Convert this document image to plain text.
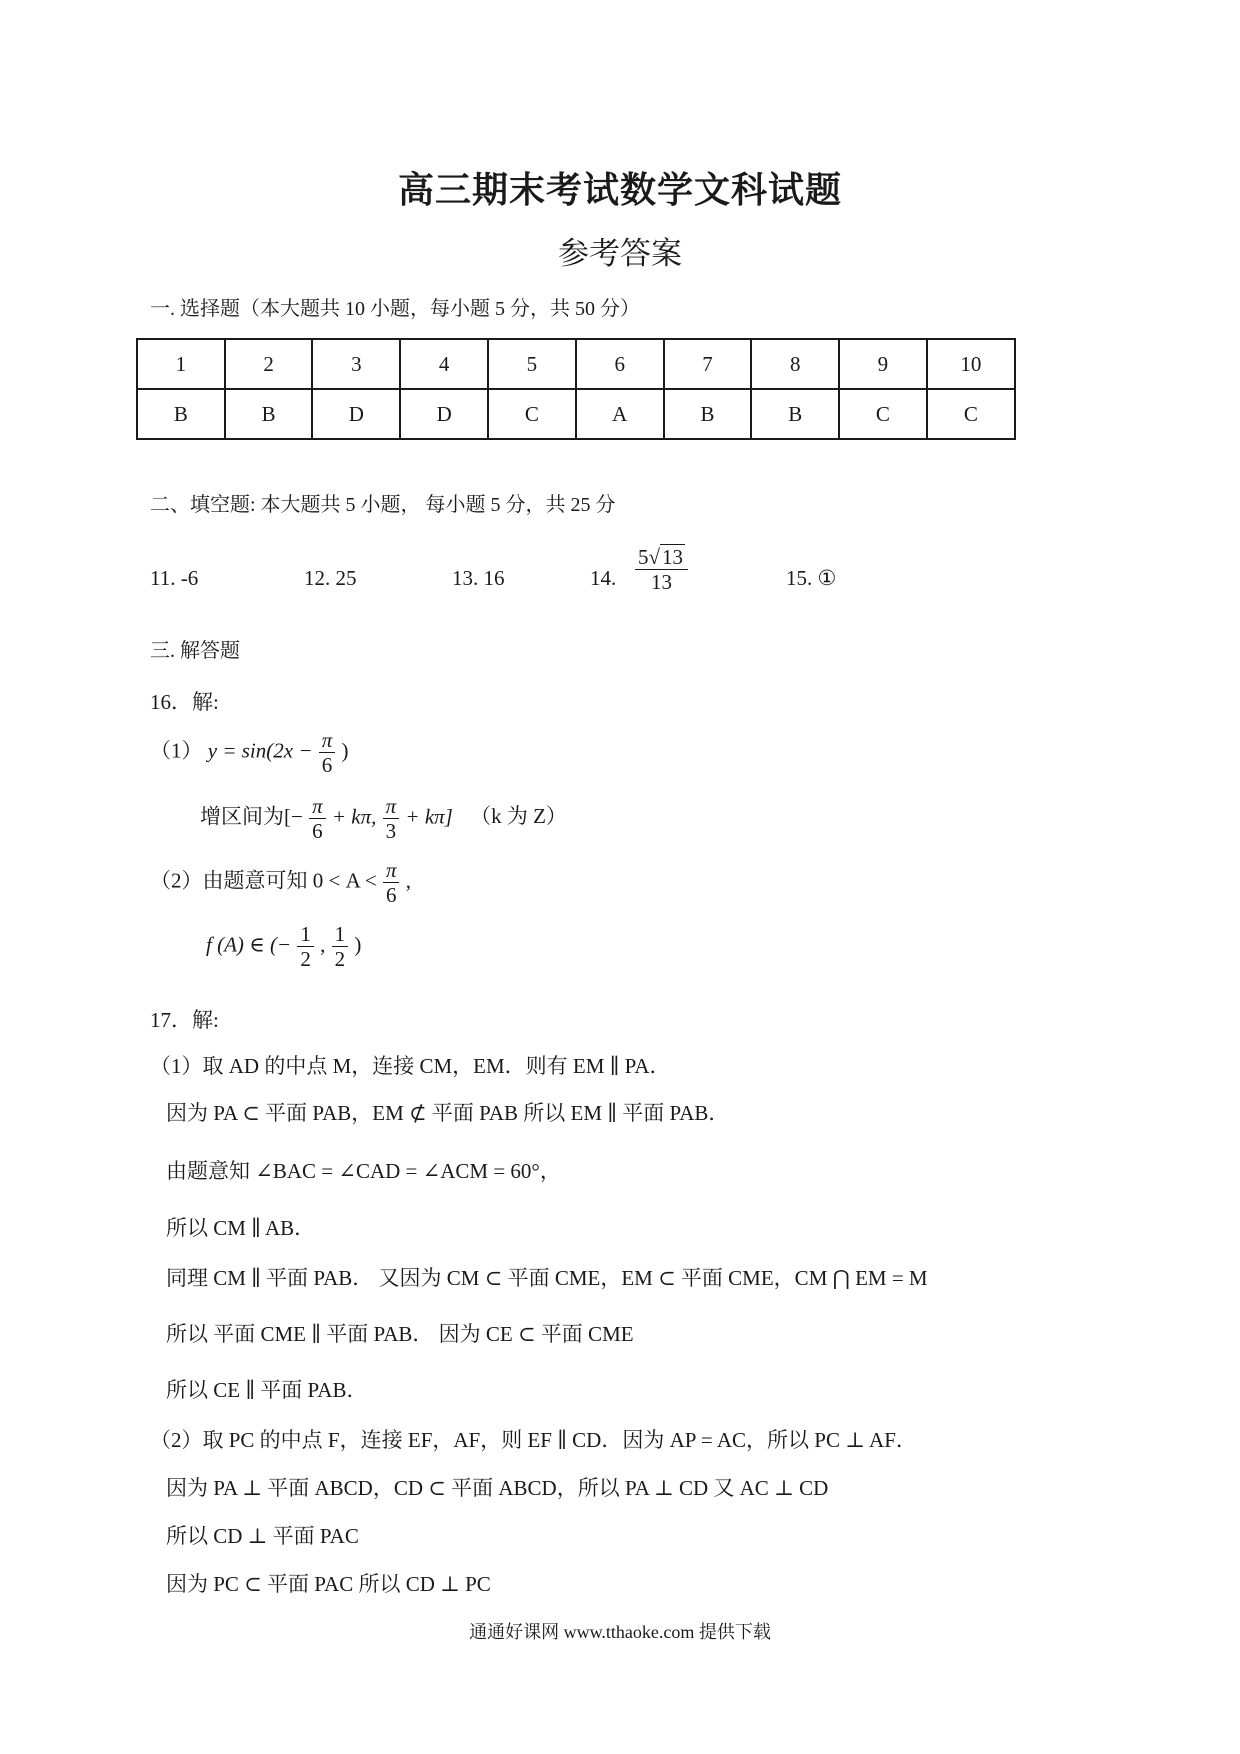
高三期末考试数学文科试题
参考答案
一. 选择题（本大题共 10 小题，每小题 5 分，共 50 分）
1	2	3	4	5	6	7	8	9	10
B	B	D	D	C	A	B	B	C	C
二、填空题: 本大题共 5 小题， 每小题 5 分，共 25 分
11. -6	12. 25	13. 16	14. $\frac{5√13}{13}$	15. ①
三. 解答题
16．解:
（1） $y = \sin(2x - \frac{\pi}{6}$ )
增区间为[− $\frac{\pi}{6} + k\pi$, $\frac{\pi}{3} + k\pi$] （k 为 Z）
（2）由题意可知 $0 < A < \frac{\pi}{6}$ ,
f (A) ∈ (− $\frac{1}{2}$ , $\frac{1}{2}$ )
17．解:
（1）取 AD 的中点 M，连接 CM，EM．则有 EM ∥ PA．
因为 PA ⊂ 平面 PAB，EM ⊄ 平面 PAB 所以 EM ∥ 平面 PAB．
由题意知 ∠BAC = ∠CAD = ∠ACM = 60°，
所以 CM ∥ AB．
同理 CM ∥ 平面 PAB． 又因为 CM ⊂ 平面 CME，EM ⊂ 平面 CME，CM ⋂ EM = M
所以 平面 CME ∥ 平面 PAB． 因为 CE ⊂ 平面 CME
所以 CE ∥ 平面 PAB．
（2）取 PC 的中点 F，连接 EF，AF，则 EF ∥ CD．因为 AP = AC，所以 PC ⊥ AF．
因为 PA ⊥ 平面 ABCD，CD ⊂ 平面 ABCD，所以 PA ⊥ CD 又 AC ⊥ CD
所以 CD ⊥ 平面 PAC
因为 PC ⊂ 平面 PAC 所以 CD ⊥ PC
通通好课网 www.tthaoke.com 提供下载
